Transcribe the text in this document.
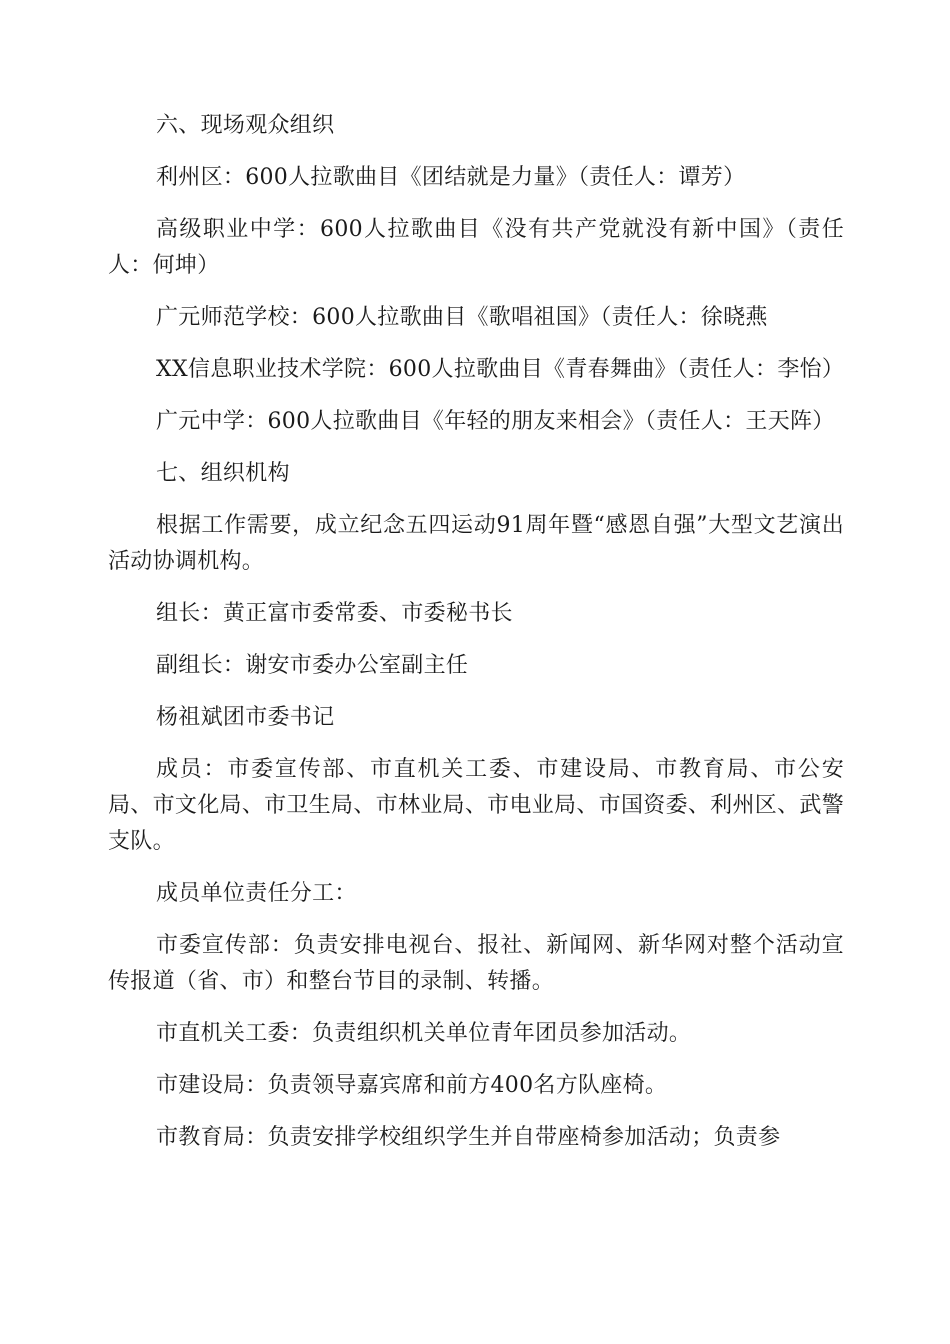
六、现场观众组织

利州区：600人拉歌曲目《团结就是力量》（责任人：谭芳）

高级职业中学：600人拉歌曲目《没有共产党就没有新中国》（责任人：何坤）

广元师范学校：600人拉歌曲目《歌唱祖国》（责任人：徐晓燕

XX信息职业技术学院：600人拉歌曲目《青春舞曲》（责任人：李怡）

广元中学：600人拉歌曲目《年轻的朋友来相会》（责任人：王天阵）

七、组织机构

根据工作需要，成立纪念五四运动91周年暨“感恩自强”大型文艺演出活动协调机构。

组长：黄正富市委常委、市委秘书长

副组长：谢安市委办公室副主任

杨祖斌团市委书记

成员：市委宣传部、市直机关工委、市建设局、市教育局、市公安局、市文化局、市卫生局、市林业局、市电业局、市国资委、利州区、武警支队。

成员单位责任分工：

市委宣传部：负责安排电视台、报社、新闻网、新华网对整个活动宣传报道（省、市）和整台节目的录制、转播。

市直机关工委：负责组织机关单位青年团员参加活动。

市建设局：负责领导嘉宾席和前方400名方队座椅。

市教育局：负责安排学校组织学生并自带座椅参加活动；负责参
